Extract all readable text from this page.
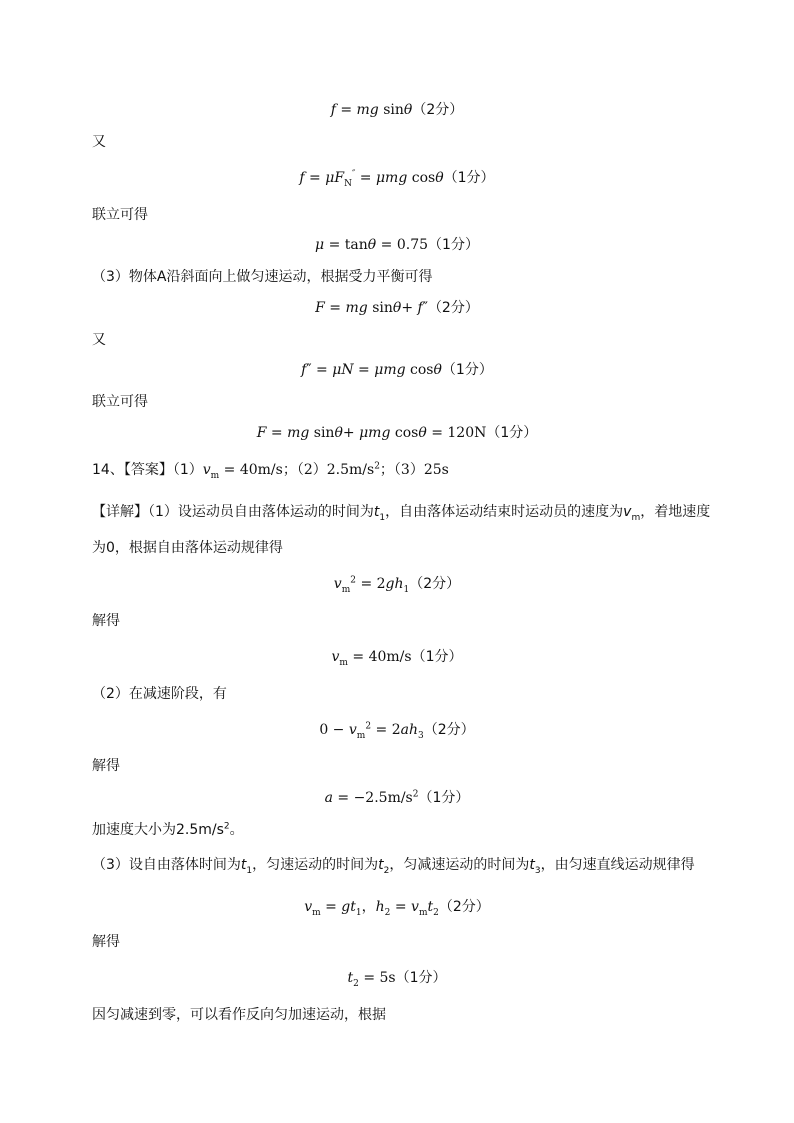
f = mg sinθ（2分）
又
$f = \mu F_N'' = \mu mg$ cosθ（1分）
联立可得
μ = tanθ = 0.75（1分）
（3）物体A沿斜面向上做匀速运动，根据受力平衡可得
F = mg sinθ+ f″（2分）
又
f″ = μN = μmg cosθ（1分）
联立可得
F = mg sinθ+ μmg cosθ = 120N（1分）
14、【答案】$(1)v_m = 40m/s$；$(2)2.5m/s^2$；（3）25s
【详解】（1）设运动员自由落体运动的时间为$t_1$，自由落体运动结束时运动员的速度为$v_m$，着地速度
为0，根据自由落体运动规律得
$v_m^2 = 2gh_1(2$分）
解得
$v_m = 40m/s(1$分）
（2）在减速阶段，有
$0 - v_m^2 = 2ah_3(2$分）
解得
$a = -2.5m/s^2(1$分）
加速度大小为$2.5m/s^2$。
（3）设自由落体时间为$t_1$，匀速运动的时间为$t_2$，匀减速运动的时间为$t_3$，由匀速直线运动规律得
$v_m = gt_1$，$h_2 = v_mt_2(2$分）
解得
$t_2 = 5s(1$分）
因匀减速到零，可以看作反向匀加速运动，根据
